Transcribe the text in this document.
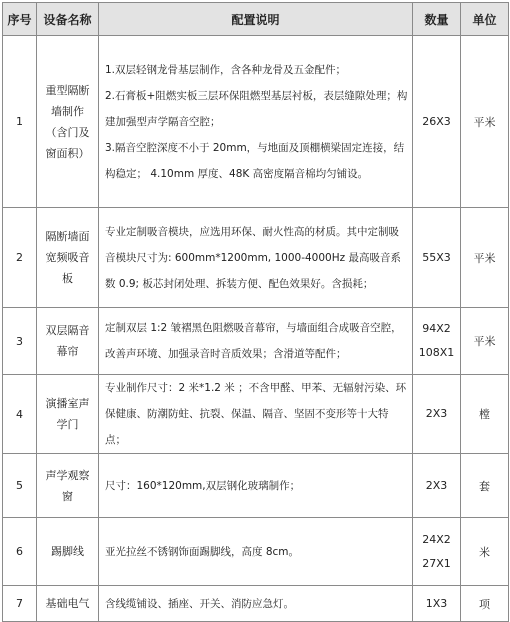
序号	设备名称	配置说明	数量	单位
1	重型隔断墙制作（含门及窗面积）	1.双层轻钢龙骨基层制作，含各种龙骨及五金配件；

2.石膏板+阻燃实板三层环保阻燃型基层衬板，表层缝隙处理；构建加强型声学隔音空腔；

3.隔音空腔深度不小于 20mm，与地面及顶棚横梁固定连接，结构稳定； 4.10mm 厚度、48K 高密度隔音棉均匀铺设。	26X3	平米
2	隔断墙面宽频吸音板	专业定制吸音模块，应选用环保、耐火性高的材质。其中定制吸音模块尺寸为: 600mm*1200mm, 1000-4000Hz 最高吸音系数 0.9; 板芯封闭处理、拆装方便、配色效果好。含损耗；	55X3	平米
3	双层隔音幕帘	定制双层 1:2 皱褶黑色阻燃吸音幕帘，与墙面组合成吸音空腔，改善声环境、加强录音时音质效果；含滑道等配件；	94X2
108X1	平米
4	演播室声学门	专业制作尺寸：2 米*1.2 米 ；不含甲醛、甲苯、无辐射污染、环保健康、防潮防蛀、抗裂、保温、隔音、坚固不变形等十大特点；	2X3	樘
5	声学观察窗	尺寸：160*120mm,双层钢化玻璃制作；	2X3	套
6	踢脚线	亚光拉丝不锈钢饰面踢脚线，高度 8cm。	24X2
27X1	米
7	基础电气	含线缆铺设、插座、开关、消防应急灯。	1X3	项
